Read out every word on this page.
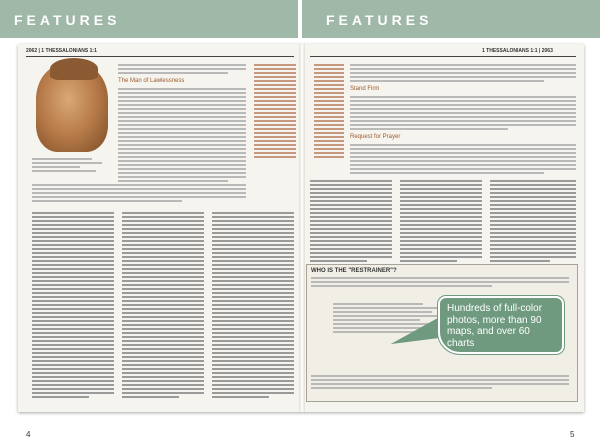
FEATURES	FEATURES
2062 | 1 THESSALONIANS 1:1
The Man of Lawlessness
1 THESSALONIANS 1:1 | 2063
Stand Firm
Request for Prayer
WHO IS THE "RESTRAINER"?
Hundreds of full-color photos, more than 90 maps, and over 60 charts
4	5
